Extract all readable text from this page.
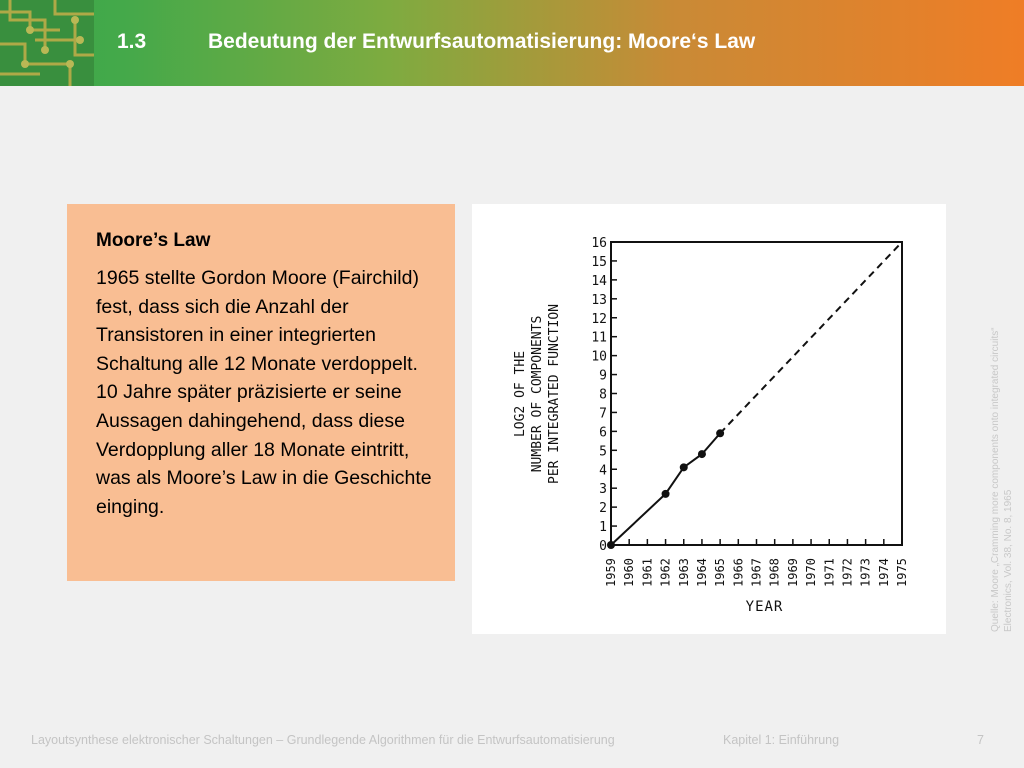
1.3	Bedeutung der Entwurfsautomatisierung: Moore‘s Law
Moore’s Law

1965 stellte Gordon Moore (Fairchild) fest, dass sich die Anzahl der Transistoren in einer integrierten Schaltung alle 12 Monate verdoppelt. 10 Jahre später präzisierte er seine Aussagen dahingehend, dass diese Verdopplung aller 18 Monate eintritt, was als Moore’s Law in die Geschichte einging.

0
1
2
3
4
5
6
7
8
9
10
11
12
13
14
15
16
1959 1960 1961 1962 1963 1964 1965 1966 1967 1968 1969 1970 1971 1972 1973 1974 1975
YEAR
LOG2 OF THE NUMBER OF COMPONENTS PER INTEGRATED FUNCTION	Quelle: Moore „Cramming more components onto integrated circuits“ Electronics, Vol. 38, No. 8, 1965
Layoutsynthese elektronischer Schaltungen – Grundlegende Algorithmen für die Entwurfsautomatisierung	Kapitel 1: Einführung	7
